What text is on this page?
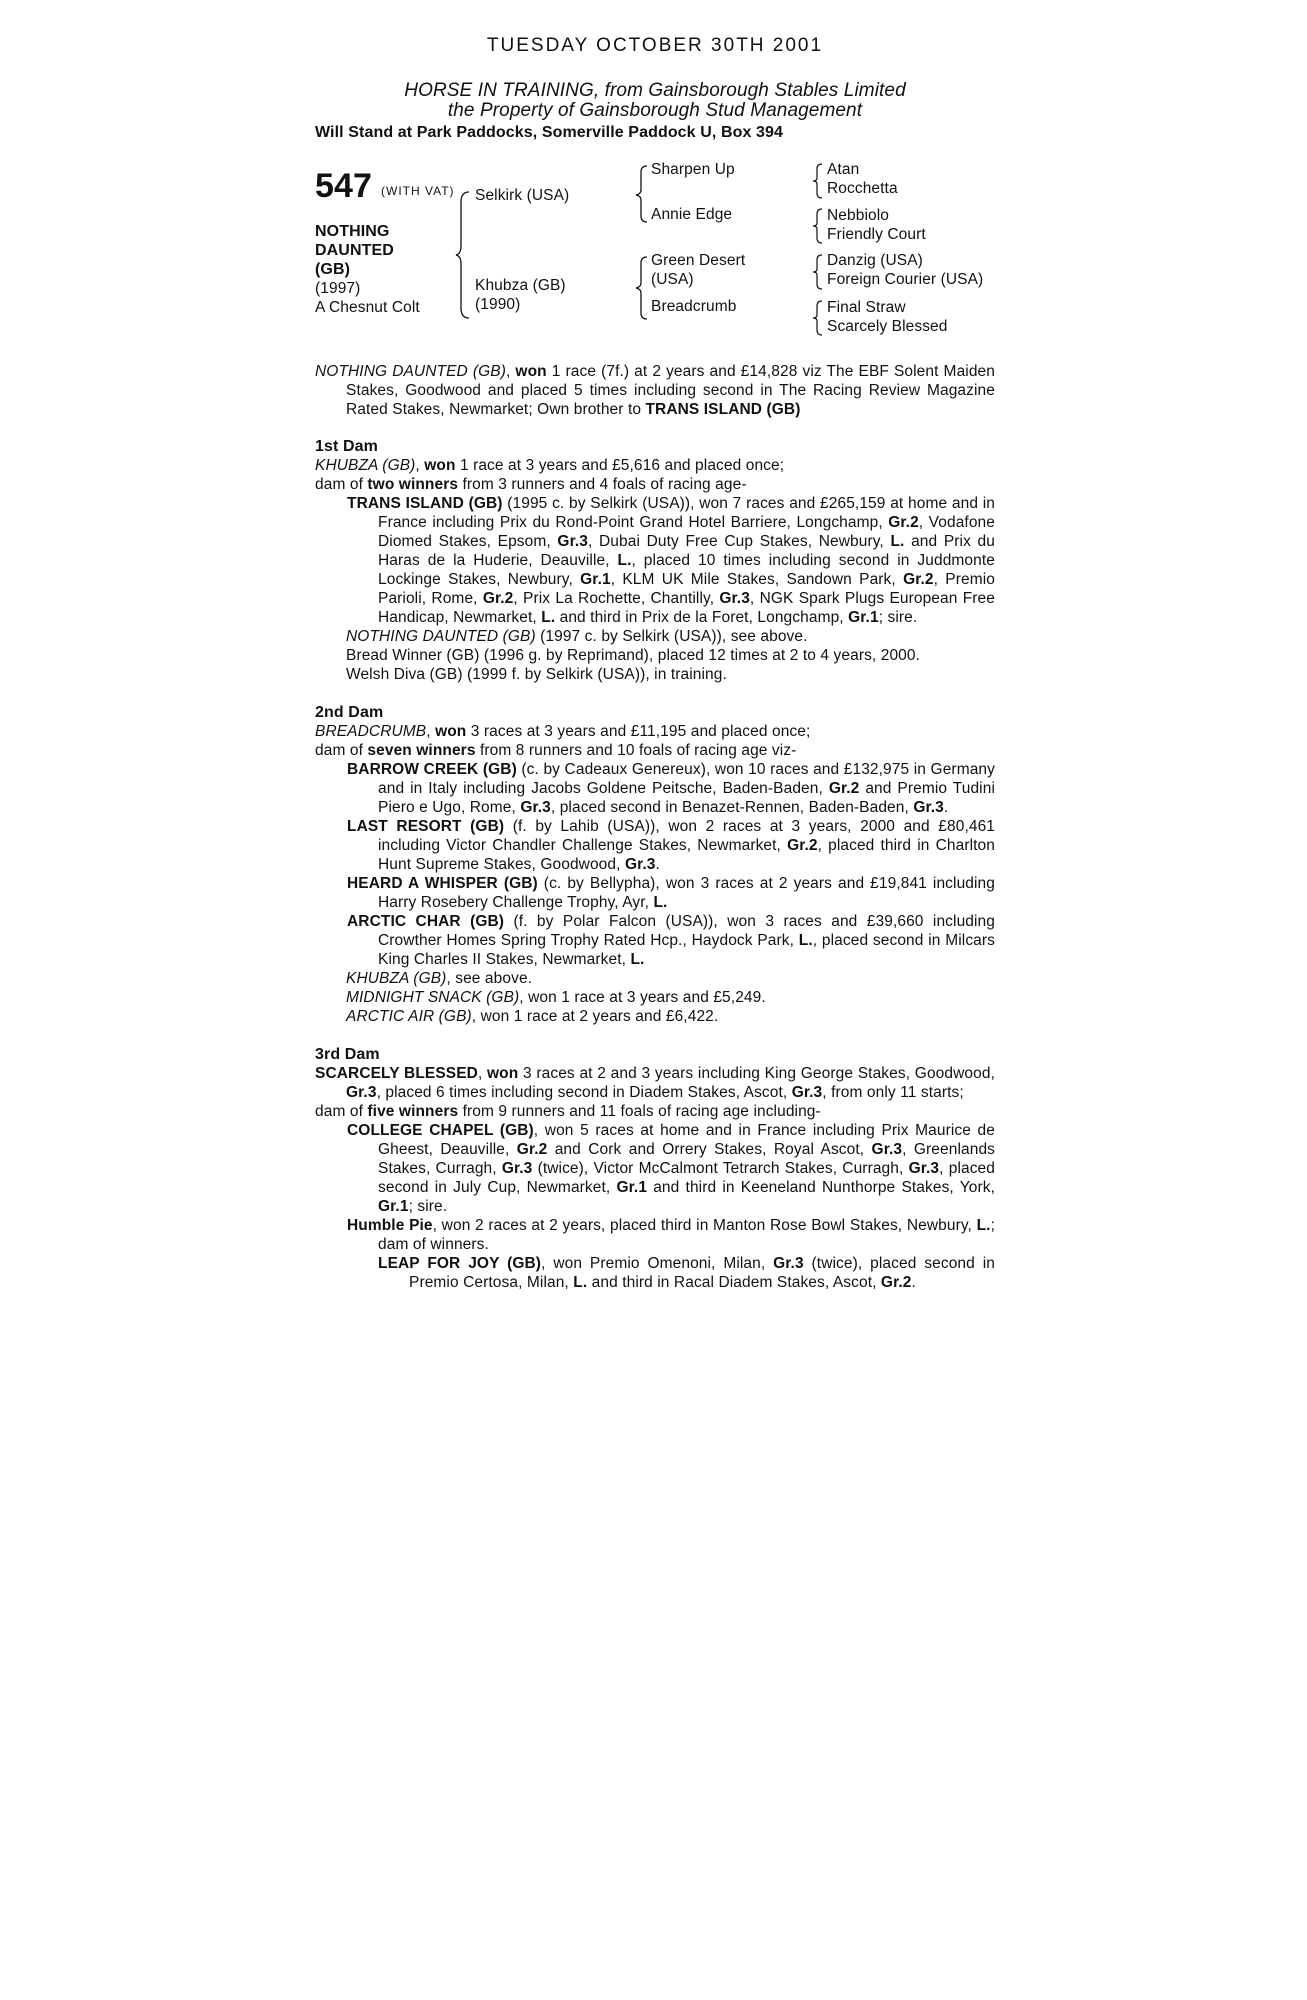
TUESDAY OCTOBER 30TH 2001
HORSE IN TRAINING, from Gainsborough Stables Limited
the Property of Gainsborough Stud Management
Will Stand at Park Paddocks, Somerville Paddock U, Box 394
547 (WITH VAT)
NOTHING
DAUNTED
(GB)
(1997)
A Chesnut Colt
Selkirk (USA)
Khubza (GB)
(1990)
Sharpen Up
Annie Edge
Green Desert
(USA)
Breadcrumb
Atan
Rocchetta
Nebbiolo
Friendly Court
Danzig (USA)
Foreign Courier (USA)
Final Straw
Scarcely Blessed
NOTHING DAUNTED (GB), won 1 race (7f.) at 2 years and £14,828 viz The EBF Solent Maiden Stakes, Goodwood and placed 5 times including second in The Racing Review Magazine Rated Stakes, Newmarket; Own brother to TRANS ISLAND (GB)
1st Dam
KHUBZA (GB), won 1 race at 3 years and £5,616 and placed once;
dam of two winners from 3 runners and 4 foals of racing age-
TRANS ISLAND (GB) (1995 c. by Selkirk (USA)), won 7 races and £265,159 at home and in France including Prix du Rond-Point Grand Hotel Barriere, Longchamp, Gr.2, Vodafone Diomed Stakes, Epsom, Gr.3, Dubai Duty Free Cup Stakes, Newbury, L. and Prix du Haras de la Huderie, Deauville, L., placed 10 times including second in Juddmonte Lockinge Stakes, Newbury, Gr.1, KLM UK Mile Stakes, Sandown Park, Gr.2, Premio Parioli, Rome, Gr.2, Prix La Rochette, Chantilly, Gr.3, NGK Spark Plugs European Free Handicap, Newmarket, L. and third in Prix de la Foret, Longchamp, Gr.1; sire.
NOTHING DAUNTED (GB) (1997 c. by Selkirk (USA)), see above.
Bread Winner (GB) (1996 g. by Reprimand), placed 12 times at 2 to 4 years, 2000.
Welsh Diva (GB) (1999 f. by Selkirk (USA)), in training.
2nd Dam
BREADCRUMB, won 3 races at 3 years and £11,195 and placed once;
dam of seven winners from 8 runners and 10 foals of racing age viz-
BARROW CREEK (GB) (c. by Cadeaux Genereux), won 10 races and £132,975 in Germany and in Italy including Jacobs Goldene Peitsche, Baden-Baden, Gr.2 and Premio Tudini Piero e Ugo, Rome, Gr.3, placed second in Benazet-Rennen, Baden-Baden, Gr.3.
LAST RESORT (GB) (f. by Lahib (USA)), won 2 races at 3 years, 2000 and £80,461 including Victor Chandler Challenge Stakes, Newmarket, Gr.2, placed third in Charlton Hunt Supreme Stakes, Goodwood, Gr.3.
HEARD A WHISPER (GB) (c. by Bellypha), won 3 races at 2 years and £19,841 including Harry Rosebery Challenge Trophy, Ayr, L.
ARCTIC CHAR (GB) (f. by Polar Falcon (USA)), won 3 races and £39,660 including Crowther Homes Spring Trophy Rated Hcp., Haydock Park, L., placed second in Milcars King Charles II Stakes, Newmarket, L.
KHUBZA (GB), see above.
MIDNIGHT SNACK (GB), won 1 race at 3 years and £5,249.
ARCTIC AIR (GB), won 1 race at 2 years and £6,422.
3rd Dam
SCARCELY BLESSED, won 3 races at 2 and 3 years including King George Stakes, Goodwood, Gr.3, placed 6 times including second in Diadem Stakes, Ascot, Gr.3, from only 11 starts;
dam of five winners from 9 runners and 11 foals of racing age including-
COLLEGE CHAPEL (GB), won 5 races at home and in France including Prix Maurice de Gheest, Deauville, Gr.2 and Cork and Orrery Stakes, Royal Ascot, Gr.3, Greenlands Stakes, Curragh, Gr.3 (twice), Victor McCalmont Tetrarch Stakes, Curragh, Gr.3, placed second in July Cup, Newmarket, Gr.1 and third in Keeneland Nunthorpe Stakes, York, Gr.1; sire.
Humble Pie, won 2 races at 2 years, placed third in Manton Rose Bowl Stakes, Newbury, L.; dam of winners.
LEAP FOR JOY (GB), won Premio Omenoni, Milan, Gr.3 (twice), placed second in Premio Certosa, Milan, L. and third in Racal Diadem Stakes, Ascot, Gr.2.
